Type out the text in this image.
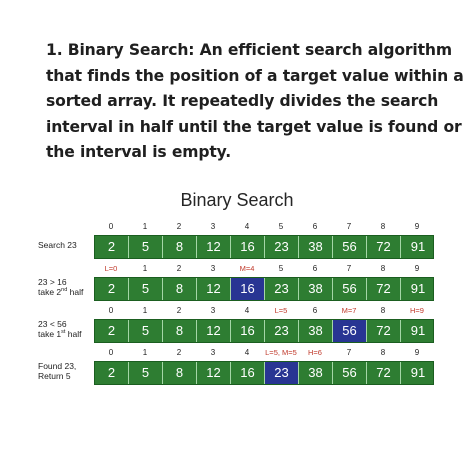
1. Binary Search: An efficient search algorithm
that finds the position of a target value within a
sorted array. It repeatedly divides the search
interval in half until the target value is found or
the interval is empty.
Binary Search
Search 23
0	1	2	3	4	5	6	7	8	9
2	5	8	12	16	23	38	56	72	91
23 > 16
take 2nd half
L=0	1	2	3	M=4	5	6	7	8	9
2	5	8	12	16	23	38	56	72	91
23 < 56
take 1st half
0	1	2	3	4	L=5	6	M=7	8	H=9
2	5	8	12	16	23	38	56	72	91
Found 23,
Return 5
0	1	2	3	4	L=5, M=5	H=6	7	8	9
2	5	8	12	16	23	38	56	72	91
